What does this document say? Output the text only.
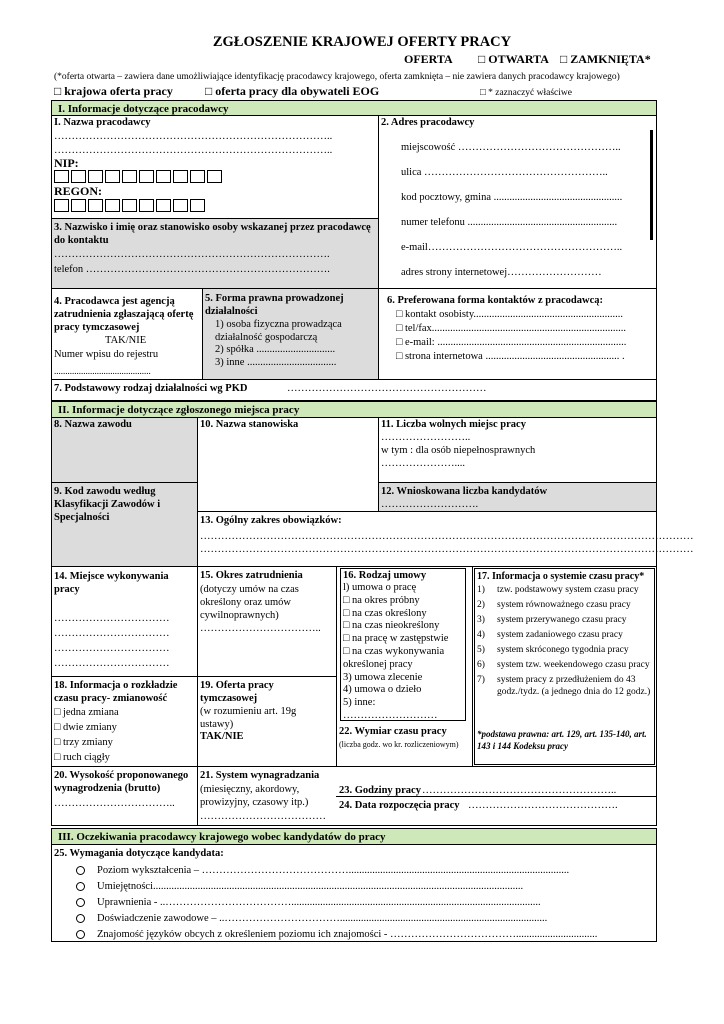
ZGŁOSZENIE KRAJOWEJ OFERTY PRACY
OFERTA □ OTWARTA □ ZAMKNIĘTA*
(*oferta otwarta – zawiera dane umożliwiające identyfikację pracodawcy krajowego, oferta zamknięta – nie zawiera danych pracodawcy krajowego)
□ krajowa oferta pracy	□ oferta pracy dla obywateli EOG	□ * zaznaczyć właściwe
I. Informacje dotyczące pracodawcy
I. Nazwa pracodawcy
……………………………………………………………………..
……………………………………………………………………..
NIP:
REGON:
2. Adres pracodawcy
miejscowość ………………………………………..
ulica ……………………………………………..
kod pocztowy, gmina .................................................
numer telefonu .........................................................
e-mail………………………………………………..
adres strony internetowej………………………
3. Nazwisko i imię oraz stanowisko osoby wskazanej przez pracodawcę do kontaktu
…………………………………………………………………….
telefon …………………………………………………………….
4. Pracodawca jest agencją zatrudnienia zgłaszającą ofertę pracy tymczasowej
TAK/NIE
Numer wpisu do rejestru
...........................................
5. Forma prawna prowadzonej działalności
1) osoba fizyczna prowadząca działalność gospodarczą
2) spółka ..............................
3) inne ..................................
6. Preferowana forma kontaktów z pracodawcą:
□ kontakt osobisty.........................................................
□ tel/fax..........................................................................
□ e-mail: ........................................................................
□ strona internetowa ................................................... .
7. Podstawowy rodzaj działalności wg PKD	…………………………………………………
II. Informacje dotyczące zgłoszonego miejsca pracy
8. Nazwa zawodu
9. Kod zawodu według Klasyfikacji Zawodów i Specjalności
10. Nazwa stanowiska	11. Liczba wolnych miejsc pracy
……………………..
w tym : dla osób niepełnosprawnych
…………………....
12. Wnioskowana liczba kandydatów
……………………….
13. Ogólny zakres obowiązków:
……………………………………………………………………………………………………………………………
……………………………………………………………………………………………………………………………
14. Miejsce wykonywania pracy
……………………………
……………………………
……………………………
……………………………
15. Okres zatrudnienia
(dotyczy umów na czas określony oraz umów cywilnoprawnych)
……………………………..
16. Rodzaj umowy
l) umowa o pracę
□ na okres próbny
□ na czas określony
□ na czas nieokreślony
□ na pracę w zastępstwie
□ na czas wykonywania
określonej pracy
3) umowa zlecenie
4) umowa o dzieło
5) inne:
………………………
17. Informacja o systemie czasu pracy*
1)	tzw. podstawowy system czasu pracy
2)	system równoważnego czasu pracy
3)	system przerywanego czasu pracy
4)	system zadaniowego czasu pracy
5)	system skróconego tygodnia pracy
6)	system tzw. weekendowego czasu pracy
7)	system pracy z przedłużeniem do 43 godz./tydz. (a jednego dnia do 12 godz.)
*podstawa prawna: art. 129, art. 135-140, art. 143 i 144 Kodeksu pracy
18. Informacja o rozkładzie czasu pracy- zmianowość
□ jedna zmiana
□ dwie zmiany
□ trzy zmiany
□ ruch ciągły
19. Oferta pracy tymczasowej
(w rozumieniu art. 19g ustawy)
TAK/NIE	22. Wymiar czasu pracy
(liczba godz. wo kr. rozliczeniowym)
20. Wysokość proponowanego wynagrodzenia (brutto)
……………………………..
21. System wynagradzania
(miesięczny, akordowy, prowizyjny, czasowy itp.)
………………………………
23. Godziny pracy ………………………………………………..
24. Data rozpoczęcia pracy …………………………………….
III. Oczekiwania pracodawcy krajowego wobec kandydatów do pracy
25. Wymagania dotyczące kandydata:
Poziom wykształcenia – ……………………………………....................................................................................
Umiejętności.............................................................................................................................................
Uprawnienia - ..………………………………...............................................................................................
Doświadczenie zawodowe – ..……………………………...............................................................................
Znajomość języków obcych z określeniem poziomu ich znajomości - ………………………………...............................
